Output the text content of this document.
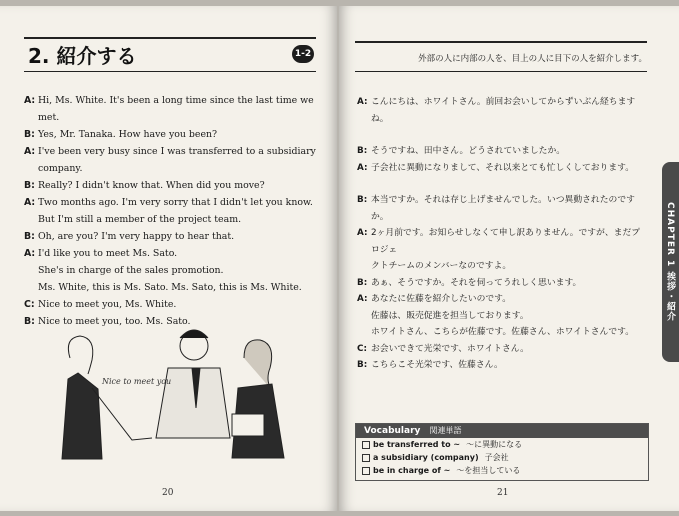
2. 紹介する	1-2
A: Hi, Ms. White. It's been a long time since the last time we
met.
B: Yes, Mr. Tanaka. How have you been?
A: I've been very busy since I was transferred to a subsidiary
company.
B: Really? I didn't know that. When did you move?
A: Two months ago. I'm very sorry that I didn't let you know.
But I'm still a member of the project team.
B: Oh, are you? I'm very happy to hear that.
A: I'd like you to meet Ms. Sato.
She's in charge of the sales promotion.
Ms. White, this is Ms. Sato. Ms. Sato, this is Ms. White.
C: Nice to meet you, Ms. White.
B: Nice to meet you, too. Ms. Sato.
Nice to meet you
20
外部の人に内部の人を、目上の人に目下の人を紹介します。
A: こんにちは、ホワイトさん。前回お会いしてからずいぶん経ちますね。
B: そうですね、田中さん。どうされていましたか。
A: 子会社に異動になりまして、それ以来とても忙しくしております。
B: 本当ですか。それは存じ上げませんでした。いつ異動されたのですか。
A: 2ヶ月前です。お知らせしなくて申し訳ありません。ですが、まだプロジェ
クトチームのメンバーなのですよ。
B: あぁ、そうですか。それを伺ってうれしく思います。
A: あなたに佐藤を紹介したいのです。
佐藤は、販売促進を担当しております。
ホワイトさん、こちらが佐藤です。佐藤さん、ホワイトさんです。
C: お会いできて光栄です、ホワイトさん。
B: こちらこそ光栄です、佐藤さん。
CHAPTER 1 挨拶・紹介
Vocabulary 関連単語
be transferred to ~ ～に異動になる
a subsidiary (company) 子会社
be in charge of ~ ～を担当している
21
